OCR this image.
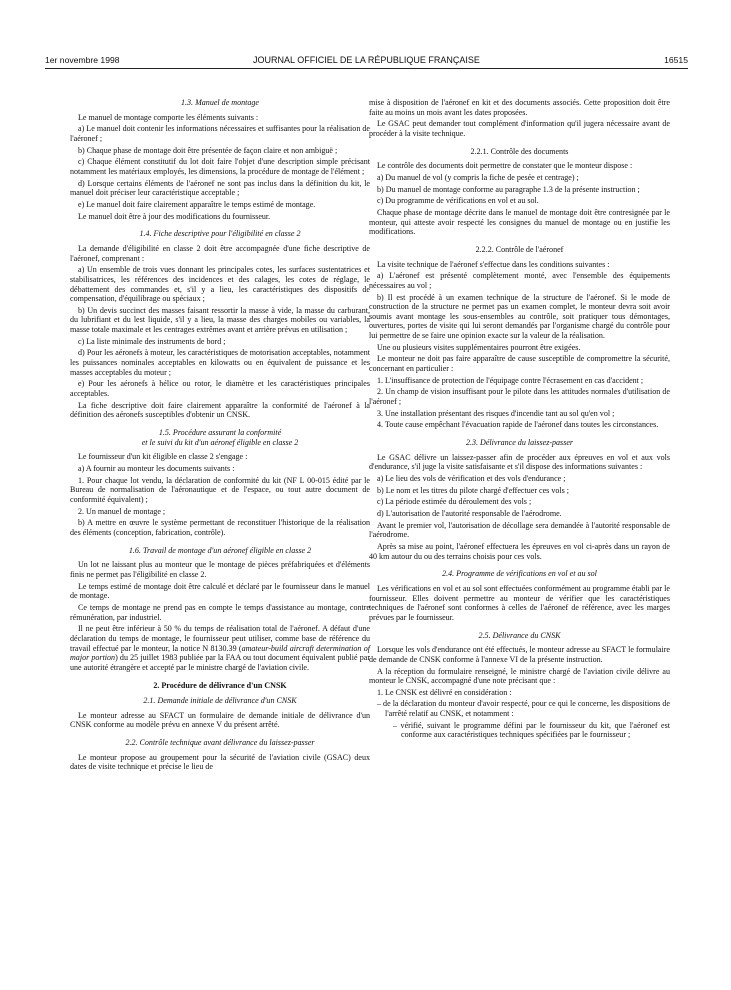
1er novembre 1998	JOURNAL OFFICIEL DE LA RÉPUBLIQUE FRANÇAISE	16515

1.3. Manuel de montage

Le manuel de montage comporte les éléments suivants :

a) Le manuel doit contenir les informations nécessaires et suffisantes pour la réalisation de l'aéronef ;

b) Chaque phase de montage doit être présentée de façon claire et non ambiguë ;

c) Chaque élément constitutif du lot doit faire l'objet d'une description simple précisant notamment les matériaux employés, les dimensions, la procédure de montage de l'élément ;

d) Lorsque certains éléments de l'aéronef ne sont pas inclus dans la définition du kit, le manuel doit préciser leur caractéristique acceptable ;

e) Le manuel doit faire clairement apparaître le temps estimé de montage.

Le manuel doit être à jour des modifications du fournisseur.

1.4. Fiche descriptive pour l'éligibilité en classe 2

La demande d'éligibilité en classe 2 doit être accompagnée d'une fiche descriptive de l'aéronef, comprenant :

a) Un ensemble de trois vues donnant les principales cotes, les surfaces sustentatrices et stabilisatrices, les références des incidences et des calages, les cotes de réglage, le débattement des commandes et, s'il y a lieu, les caractéristiques des dispositifs de compensation, d'équilibrage ou spéciaux ;

b) Un devis succinct des masses faisant ressortir la masse à vide, la masse du carburant, du lubrifiant et du lest liquide, s'il y a lieu, la masse des charges mobiles ou variables, la masse totale maximale et les centrages extrêmes avant et arrière prévus en utilisation ;

c) La liste minimale des instruments de bord ;

d) Pour les aéronefs à moteur, les caractéristiques de motorisation acceptables, notamment les puissances nominales acceptables en kilowatts ou en équivalent de puissance et les masses acceptables du moteur ;

e) Pour les aéronefs à hélice ou rotor, le diamètre et les caractéristiques principales acceptables.

La fiche descriptive doit faire clairement apparaître la conformité de l'aéronef à la définition des aéronefs susceptibles d'obtenir un CNSK.

1.5. Procédure assurant la conformité
et le suivi du kit d'un aéronef éligible en classe 2

Le fournisseur d'un kit éligible en classe 2 s'engage :

a) A fournir au monteur les documents suivants :

1. Pour chaque lot vendu, la déclaration de conformité du kit (NF L 00-015 édité par le Bureau de normalisation de l'aéronautique et de l'espace, ou tout autre document de conformité équivalent) ;

2. Un manuel de montage ;

b) A mettre en œuvre le système permettant de reconstituer l'historique de la réalisation des éléments (conception, fabrication, contrôle).

1.6. Travail de montage d'un aéronef éligible en classe 2

Un lot ne laissant plus au monteur que le montage de pièces préfabriquées et d'éléments finis ne permet pas l'éligibilité en classe 2.

Le temps estimé de montage doit être calculé et déclaré par le fournisseur dans le manuel de montage.

Ce temps de montage ne prend pas en compte le temps d'assistance au montage, contre rémunération, par industriel.

Il ne peut être inférieur à 50 % du temps de réalisation total de l'aéronef. A défaut d'une déclaration du temps de montage, le fournisseur peut utiliser, comme base de référence du travail effectué par le monteur, la notice N 8130.39 (amateur-build aircraft determination of major portion) du 25 juillet 1983 publiée par la FAA ou tout document équivalent publié par une autorité étrangère et accepté par le ministre chargé de l'aviation civile.

2. Procédure de délivrance d'un CNSK

2.1. Demande initiale de délivrance d'un CNSK

Le monteur adresse au SFACT un formulaire de demande initiale de délivrance d'un CNSK conforme au modèle prévu en annexe V du présent arrêté.

2.2. Contrôle technique avant délivrance du laissez-passer

Le monteur propose au groupement pour la sécurité de l'aviation civile (GSAC) deux dates de visite technique et précise le lieu de

mise à disposition de l'aéronef en kit et des documents associés. Cette proposition doit être faite au moins un mois avant les dates proposées.

Le GSAC peut demander tout complément d'information qu'il jugera nécessaire avant de procéder à la visite technique.

2.2.1. Contrôle des documents

Le contrôle des documents doit permettre de constater que le monteur dispose :

a) Du manuel de vol (y compris la fiche de pesée et centrage) ;

b) Du manuel de montage conforme au paragraphe 1.3 de la présente instruction ;

c) Du programme de vérifications en vol et au sol.

Chaque phase de montage décrite dans le manuel de montage doit être contresignée par le monteur, qui atteste avoir respecté les consignes du manuel de montage ou en justifie les modifications.

2.2.2. Contrôle de l'aéronef

La visite technique de l'aéronef s'effectue dans les conditions suivantes :

a) L'aéronef est présenté complètement monté, avec l'ensemble des équipements nécessaires au vol ;

b) Il est procédé à un examen technique de la structure de l'aéronef. Si le mode de construction de la structure ne permet pas un examen complet, le monteur devra soit avoir soumis avant montage les sous-ensembles au contrôle, soit pratiquer tous démontages, ouvertures, portes de visite qui lui seront demandés par l'organisme chargé du contrôle pour lui permettre de se faire une opinion exacte sur la valeur de la réalisation.

Une ou plusieurs visites supplémentaires pourront être exigées.

Le monteur ne doit pas faire apparaître de cause susceptible de compromettre la sécurité, concernant en particulier :

1. L'insuffisance de protection de l'équipage contre l'écrasement en cas d'accident ;

2. Un champ de vision insuffisant pour le pilote dans les attitudes normales d'utilisation de l'aéronef ;

3. Une installation présentant des risques d'incendie tant au sol qu'en vol ;

4. Toute cause empêchant l'évacuation rapide de l'aéronef dans toutes les circonstances.

2.3. Délivrance du laissez-passer

Le GSAC délivre un laissez-passer afin de procéder aux épreuves en vol et aux vols d'endurance, s'il juge la visite satisfaisante et s'il dispose des informations suivantes :

a) Le lieu des vols de vérification et des vols d'endurance ;

b) Le nom et les titres du pilote chargé d'effectuer ces vols ;

c) La période estimée du déroulement des vols ;

d) L'autorisation de l'autorité responsable de l'aérodrome.

Avant le premier vol, l'autorisation de décollage sera demandée à l'autorité responsable de l'aérodrome.

Après sa mise au point, l'aéronef effectuera les épreuves en vol ci-après dans un rayon de 40 km autour du ou des terrains choisis pour ces vols.

2.4. Programme de vérifications en vol et au sol

Les vérifications en vol et au sol sont effectuées conformément au programme établi par le fournisseur. Elles doivent permettre au monteur de vérifier que les caractéristiques techniques de l'aéronef sont conformes à celles de l'aéronef de référence, avec les marges prévues par le fournisseur.

2.5. Délivrance du CNSK

Lorsque les vols d'endurance ont été effectués, le monteur adresse au SFACT le formulaire de demande de CNSK conforme à l'annexe VI de la présente instruction.

A la réception du formulaire renseigné, le ministre chargé de l'aviation civile délivre au monteur le CNSK, accompagné d'une note précisant que :

1. Le CNSK est délivré en considération :

– de la déclaration du monteur d'avoir respecté, pour ce qui le concerne, les dispositions de l'arrêté relatif au CNSK, et notamment :

– vérifié, suivant le programme défini par le fournisseur du kit, que l'aéronef est conforme aux caractéristiques techniques spécifiées par le fournisseur ;
